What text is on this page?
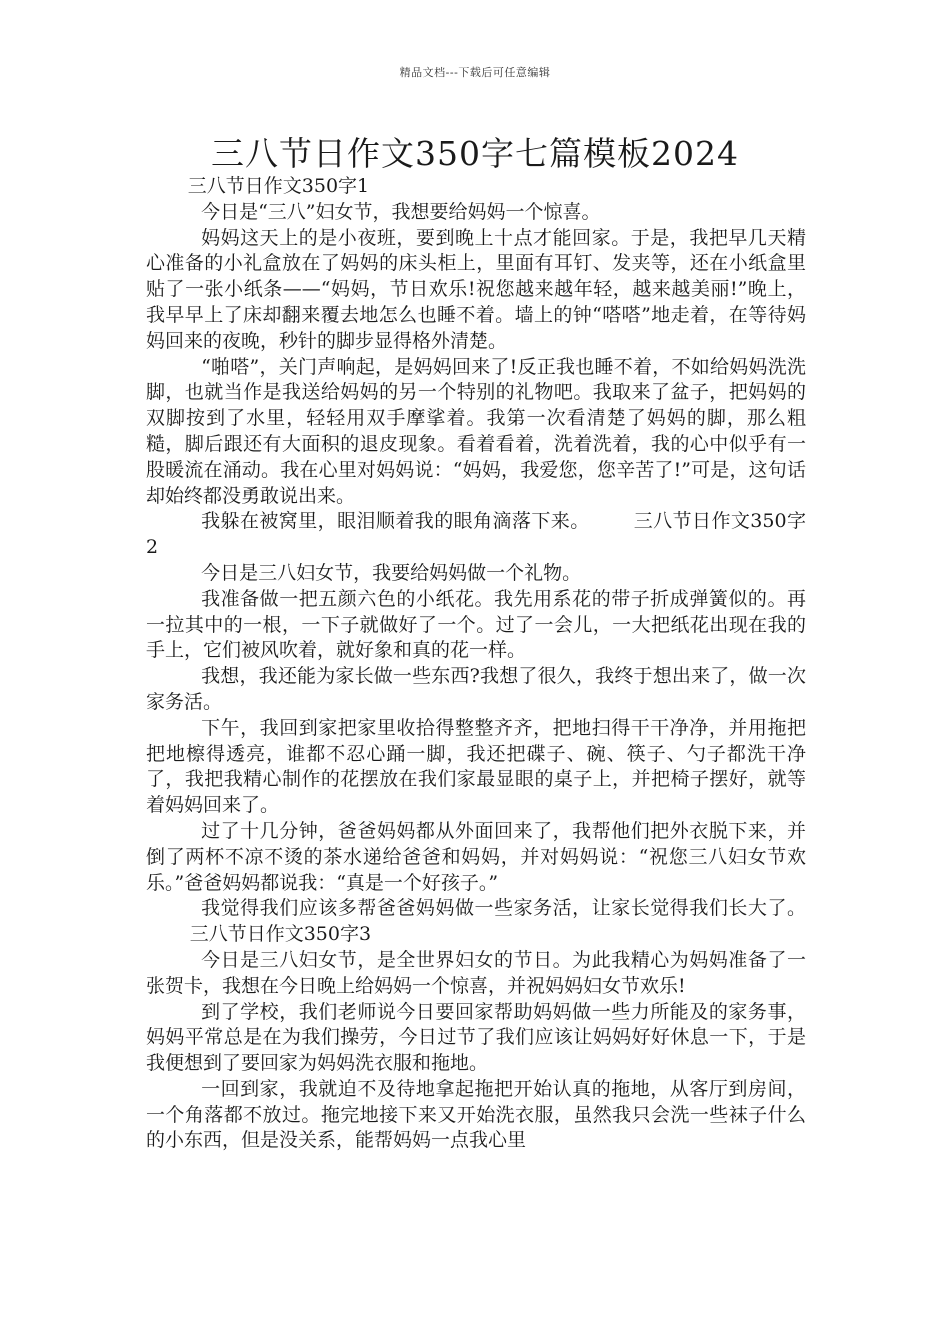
精品文档---下载后可任意编辑
三八节日作文350字七篇模板2024

三八节日作文350字1

今日是“三八”妇女节，我想要给妈妈一个惊喜。

妈妈这天上的是小夜班，要到晚上十点才能回家。于是，我把早几天精心准备的小礼盒放在了妈妈的床头柜上，里面有耳钉、发夹等，还在小纸盒里贴了一张小纸条——“妈妈，节日欢乐!祝您越来越年轻，越来越美丽!”晚上，我早早上了床却翻来覆去地怎么也睡不着。墙上的钟“嗒嗒”地走着，在等待妈妈回来的夜晚，秒针的脚步显得格外清楚。

“啪嗒”，关门声响起，是妈妈回来了!反正我也睡不着，不如给妈妈洗洗脚，也就当作是我送给妈妈的另一个特别的礼物吧。我取来了盆子，把妈妈的双脚按到了水里，轻轻用双手摩挲着。我第一次看清楚了妈妈的脚，那么粗糙，脚后跟还有大面积的退皮现象。看着看着，洗着洗着，我的心中似乎有一股暖流在涌动。我在心里对妈妈说：“妈妈，我爱您，您辛苦了!”可是，这句话却始终都没勇敢说出来。

我躲在被窝里，眼泪顺着我的眼角滴落下来。 三八节日作文350字2

今日是三八妇女节，我要给妈妈做一个礼物。

我准备做一把五颜六色的小纸花。我先用系花的带子折成弹簧似的。再一拉其中的一根，一下子就做好了一个。过了一会儿，一大把纸花出现在我的手上，它们被风吹着，就好象和真的花一样。

我想，我还能为家长做一些东西?我想了很久，我终于想出来了，做一次家务活。

下午，我回到家把家里收拾得整整齐齐，把地扫得干干净净，并用拖把把地檫得透亮，谁都不忍心踊一脚，我还把碟子、碗、筷子、勺子都洗干净了，我把我精心制作的花摆放在我们家最显眼的桌子上，并把椅子摆好，就等着妈妈回来了。

过了十几分钟，爸爸妈妈都从外面回来了，我帮他们把外衣脱下来，并倒了两杯不凉不烫的茶水递给爸爸和妈妈，并对妈妈说：“祝您三八妇女节欢乐。”爸爸妈妈都说我：“真是一个好孩子。”

我觉得我们应该多帮爸爸妈妈做一些家务活，让家长觉得我们长大了。三八节日作文350字3

今日是三八妇女节，是全世界妇女的节日。为此我精心为妈妈准备了一张贺卡，我想在今日晚上给妈妈一个惊喜，并祝妈妈妇女节欢乐!

到了学校，我们老师说今日要回家帮助妈妈做一些力所能及的家务事，妈妈平常总是在为我们操劳，今日过节了我们应该让妈妈好好休息一下，于是我便想到了要回家为妈妈洗衣服和拖地。

一回到家，我就迫不及待地拿起拖把开始认真的拖地，从客厅到房间，一个角落都不放过。拖完地接下来又开始洗衣服，虽然我只会洗一些袜子什么的小东西，但是没关系，能帮妈妈一点我心里
